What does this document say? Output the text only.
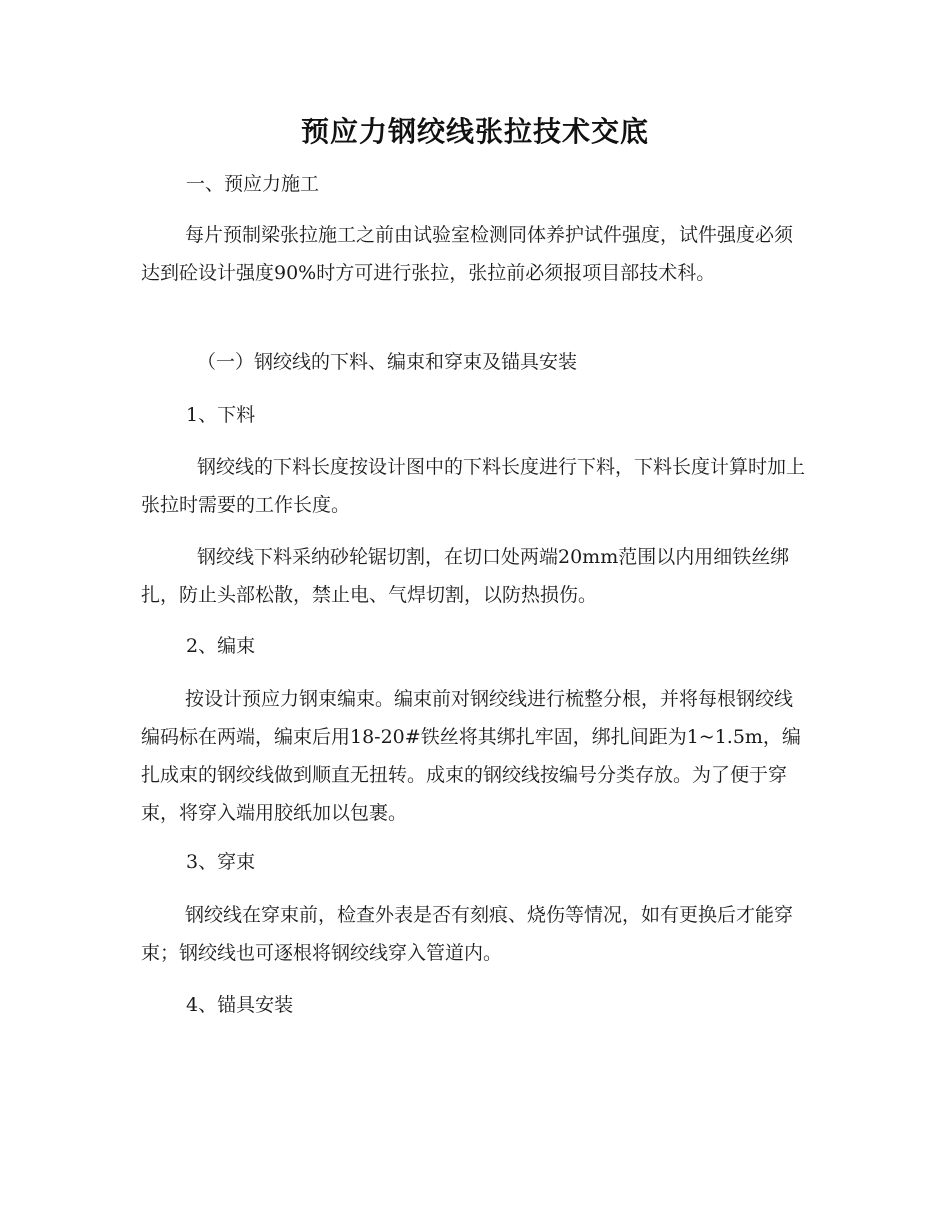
预应力钢绞线张拉技术交底

一、预应力施工

每片预制梁张拉施工之前由试验室检测同体养护试件强度，试件强度必须达到砼设计强度90%时方可进行张拉，张拉前必须报项目部技术科。

（一）钢绞线的下料、编束和穿束及锚具安装

1、下料

钢绞线的下料长度按设计图中的下料长度进行下料，下料长度计算时加上张拉时需要的工作长度。

钢绞线下料采纳砂轮锯切割，在切口处两端20mm范围以内用细铁丝绑扎，防止头部松散，禁止电、气焊切割，以防热损伤。

2、编束

按设计预应力钢束编束。编束前对钢绞线进行梳整分根，并将每根钢绞线编码标在两端，编束后用18-20#铁丝将其绑扎牢固，绑扎间距为1~1.5m，编扎成束的钢绞线做到顺直无扭转。成束的钢绞线按编号分类存放。为了便于穿束，将穿入端用胶纸加以包裹。

3、穿束

钢绞线在穿束前，检查外表是否有刻痕、烧伤等情况，如有更换后才能穿束；钢绞线也可逐根将钢绞线穿入管道内。

4、锚具安装
